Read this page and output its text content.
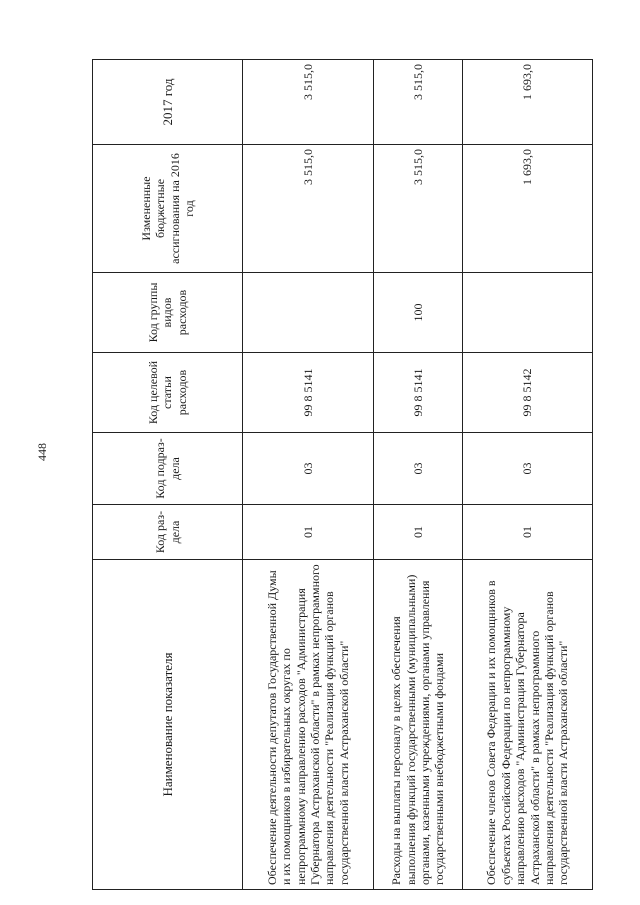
448
Наименование показателя	Код раз-дела	Код подраз-дела	Код целевой статьи расходов	Код группы видов расходов	Измененные бюджетные ассигнования на 2016 год	2017 год
Обеспечение деятельности депутатов Государственной Думы и их помощников в избирательных округах по непрограммному направлению расходов "Администрация Губернатора Астраханской области" в рамках непрограммного направления деятельности "Реализация функций органов государственной власти Астраханской области"	01	03	99 8 5141		3 515,0	3 515,0
Расходы на выплаты персоналу в целях обеспечения выполнения функций государственными (муниципальными) органами, казенными учреждениями, органами управления государственными внебюджетными фондами	01	03	99 8 5141	100	3 515,0	3 515,0
Обеспечение членов Совета Федерации и их помощников в субъектах Российской Федерации по непрограммному направлению расходов "Администрация Губернатора Астраханской области" в рамках непрограммного направления деятельности "Реализация функций органов государственной власти Астраханской области"	01	03	99 8 5142		1 693,0	1 693,0
